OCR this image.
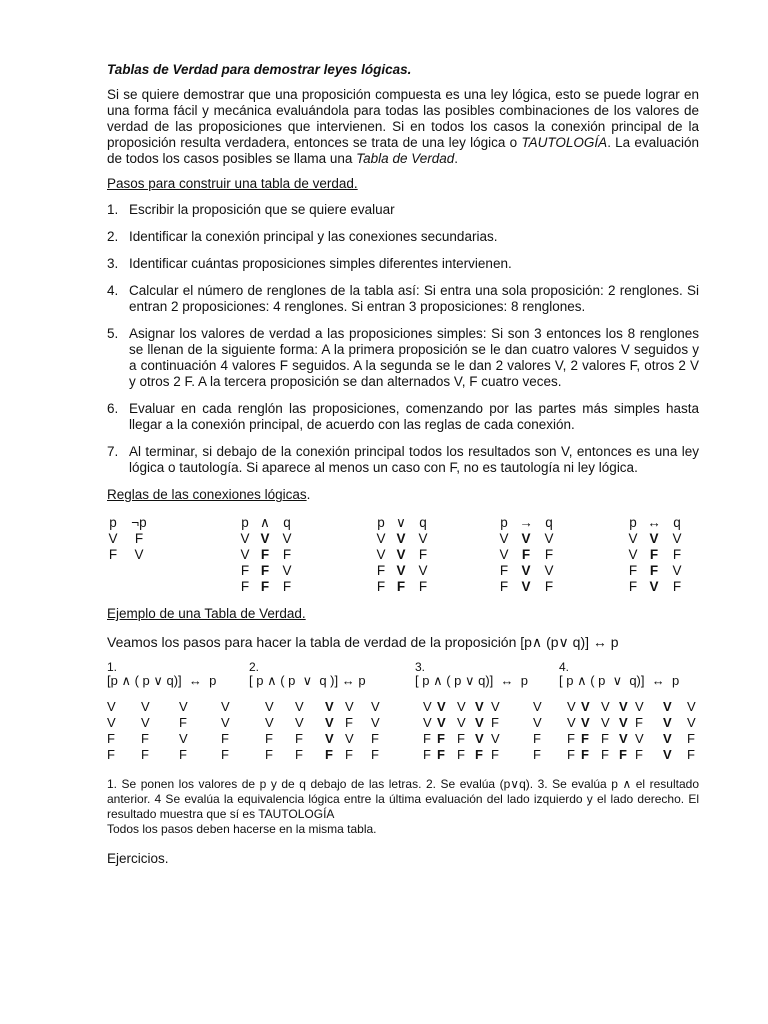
Tablas de Verdad para demostrar leyes lógicas.

Si se quiere demostrar que una proposición compuesta es una ley lógica, esto se puede lograr en una forma fácil y mecánica evaluándola para todas las posibles combinaciones de los valores de verdad de las proposiciones que intervienen. Si en todos los casos la conexión principal de la proposición resulta verdadera, entonces se trata de una ley lógica o TAUTOLOGÍA. La evaluación de todos los casos posibles se llama una Tabla de Verdad.

Pasos para construir una tabla de verdad.

1. Escribir la proposición que se quiere evaluar
2. Identificar la conexión principal y las conexiones secundarias.
3. Identificar cuántas proposiciones simples diferentes intervienen.
4. Calcular el número de renglones de la tabla así: Si entra una sola proposición: 2 renglones. Si entran 2 proposiciones: 4 renglones. Si entran 3 proposiciones: 8 renglones.
5. Asignar los valores de verdad a las proposiciones simples: Si son 3 entonces los 8 renglones se llenan de la siguiente forma: A la primera proposición se le dan cuatro valores V seguidos y a continuación 4 valores F seguidos. A la segunda se le dan 2 valores V, 2 valores F, otros 2 V y otros 2 F. A la tercera proposición se dan alternados V, F cuatro veces.
6. Evaluar en cada renglón las proposiciones, comenzando por las partes más simples hasta llegar a la conexión principal, de acuerdo con las reglas de cada conexión.
7. Al terminar, si debajo de la conexión principal todos los resultados son V, entonces es una ley lógica o tautología. Si aparece al menos un caso con F, no es tautología ni ley lógica.

Reglas de las conexiones lógicas.

p ¬p
V F
F V
p ∧ q
V V V
V F F
F F V
F F F
p ∨ q
V V V
V V F
F V V
F F F
p → q
V V V
V F F
F V V
F V F
p ↔ q
V V V
V F F
F F V
F V F

Ejemplo de una Tabla de Verdad.

Veamos los pasos para hacer la tabla de verdad de la proposición [p∧ (p∨ q)] ↔ p

1.
[p ∧ ( p ∨ q)]  ↔  p
V V V	V
V V F	V
F F V	F
F F F	F
2.
[ p ∧ ( p  ∨  q )] ↔ p
V V V V V
V V V F V
F F V V F
F F F F F
3.
[ p ∧ ( p ∨ q)]  ↔  p
V V V V V	V
V V V V F	V
F F F V V	F
F F F F F	F
4.
[ p ∧ ( p  ∨  q)]  ↔  p
V V V V V V V
V V V V F V V
F F F V V V F
F F F F F V F
1. Se ponen los valores de p y de q debajo de las letras. 2. Se evalúa (p∨q). 3. Se evalúa p ∧ el resultado anterior. 4 Se evalúa la equivalencia lógica entre la última evaluación del lado izquierdo y el lado derecho. El resultado muestra que sí es TAUTOLOGÍA
Todos los pasos deben hacerse en la misma tabla.

Ejercicios.
